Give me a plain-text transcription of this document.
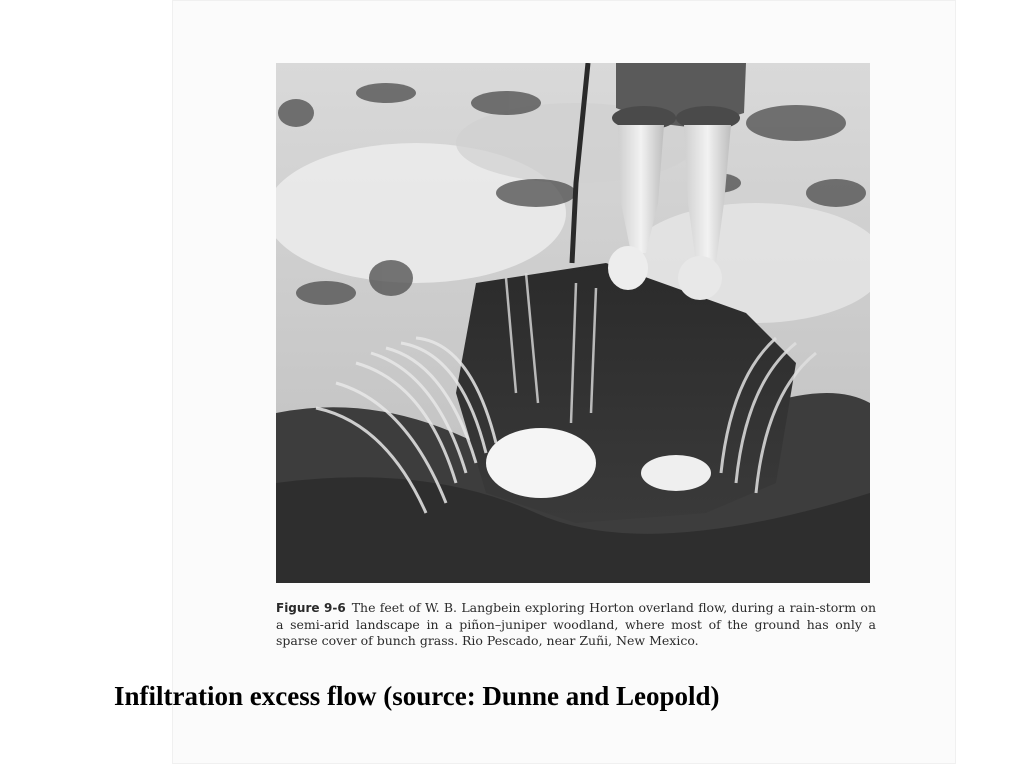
Figure 9-6 The feet of W. B. Langbein exploring Horton overland flow, during a rain-storm on a semi-arid landscape in a piñon–juniper woodland, where most of the ground has only a sparse cover of bunch grass. Rio Pescado, near Zuñi, New Mexico.
Infiltration excess flow (source: Dunne and Leopold)
